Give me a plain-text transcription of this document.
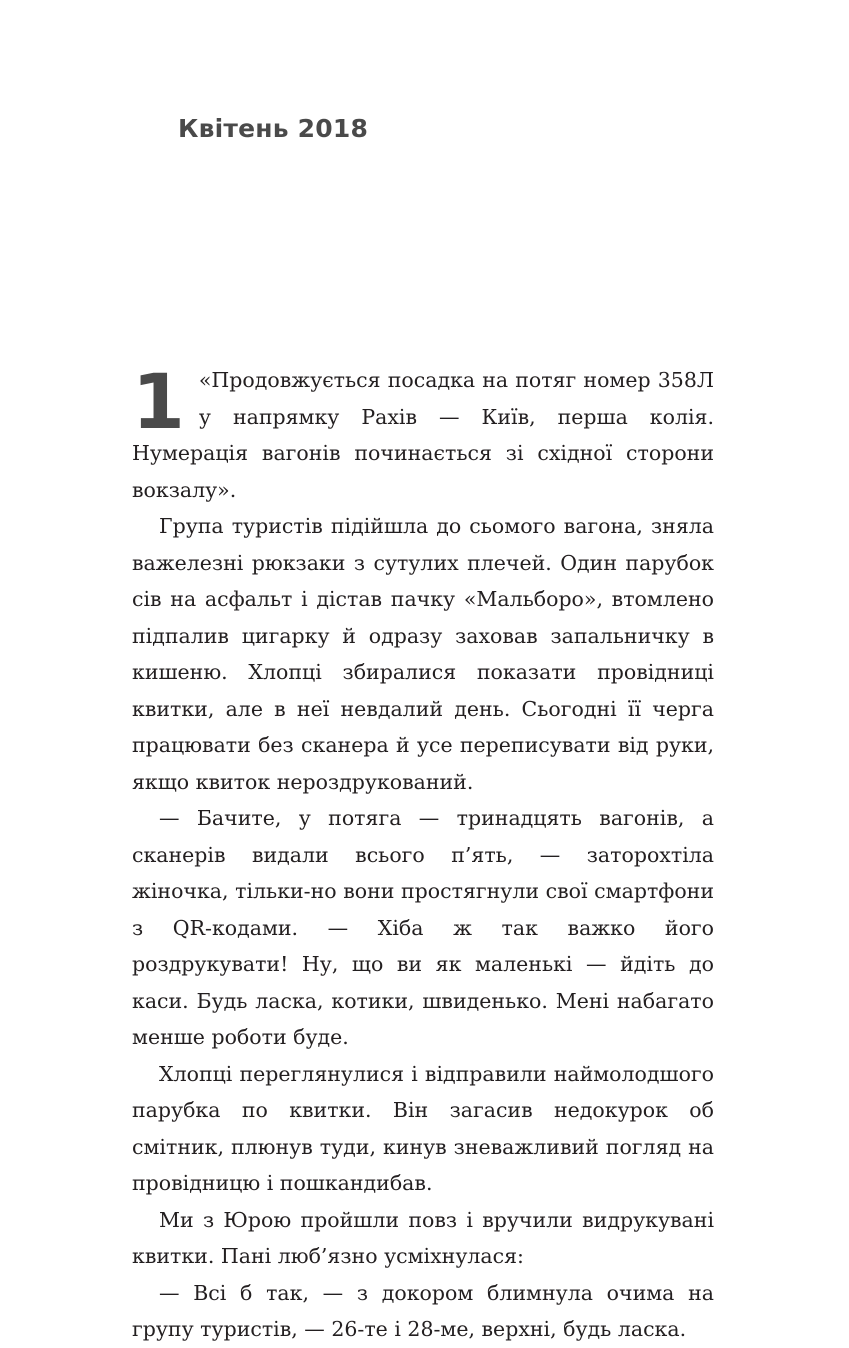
Квітень 2018

1 «Продовжується посадка на потяг номер 358Л у напрямку Рахів — Київ, перша колія. Нумерація вагонів починається зі східної сторони вокзалу».

Група туристів підійшла до сьомого вагона, зняла важелезні рюкзаки з сутулих плечей. Один парубок сів на асфальт і дістав пачку «Мальборо», втомлено підпалив цигарку й одразу заховав запальничку в кишеню. Хлопці збиралися показати провідниці квитки, але в неї невдалий день. Сьогодні її черга працювати без сканера й усе переписувати від руки, якщо квиток нероздрукований.

— Бачите, у потяга — тринадцять вагонів, а сканерів видали всього п’ять, — заторохтіла жіночка, тільки-но вони простягнули свої смартфони з QR-кодами. — Хіба ж так важко його роздрукувати! Ну, що ви як маленькі — йдіть до каси. Будь ласка, котики, швиденько. Мені набагато менше роботи буде.

Хлопці переглянулися і відправили наймолодшого парубка по квитки. Він загасив недокурок об смітник, плюнув туди, кинув зневажливий погляд на провідницю і пошкандибав.

Ми з Юрою пройшли повз і вручили видрукувані квитки. Пані люб’язно усміхнулася:

— Всі б так, — з докором блимнула очима на групу туристів, — 26-те і 28-ме, верхні, будь ласка.
